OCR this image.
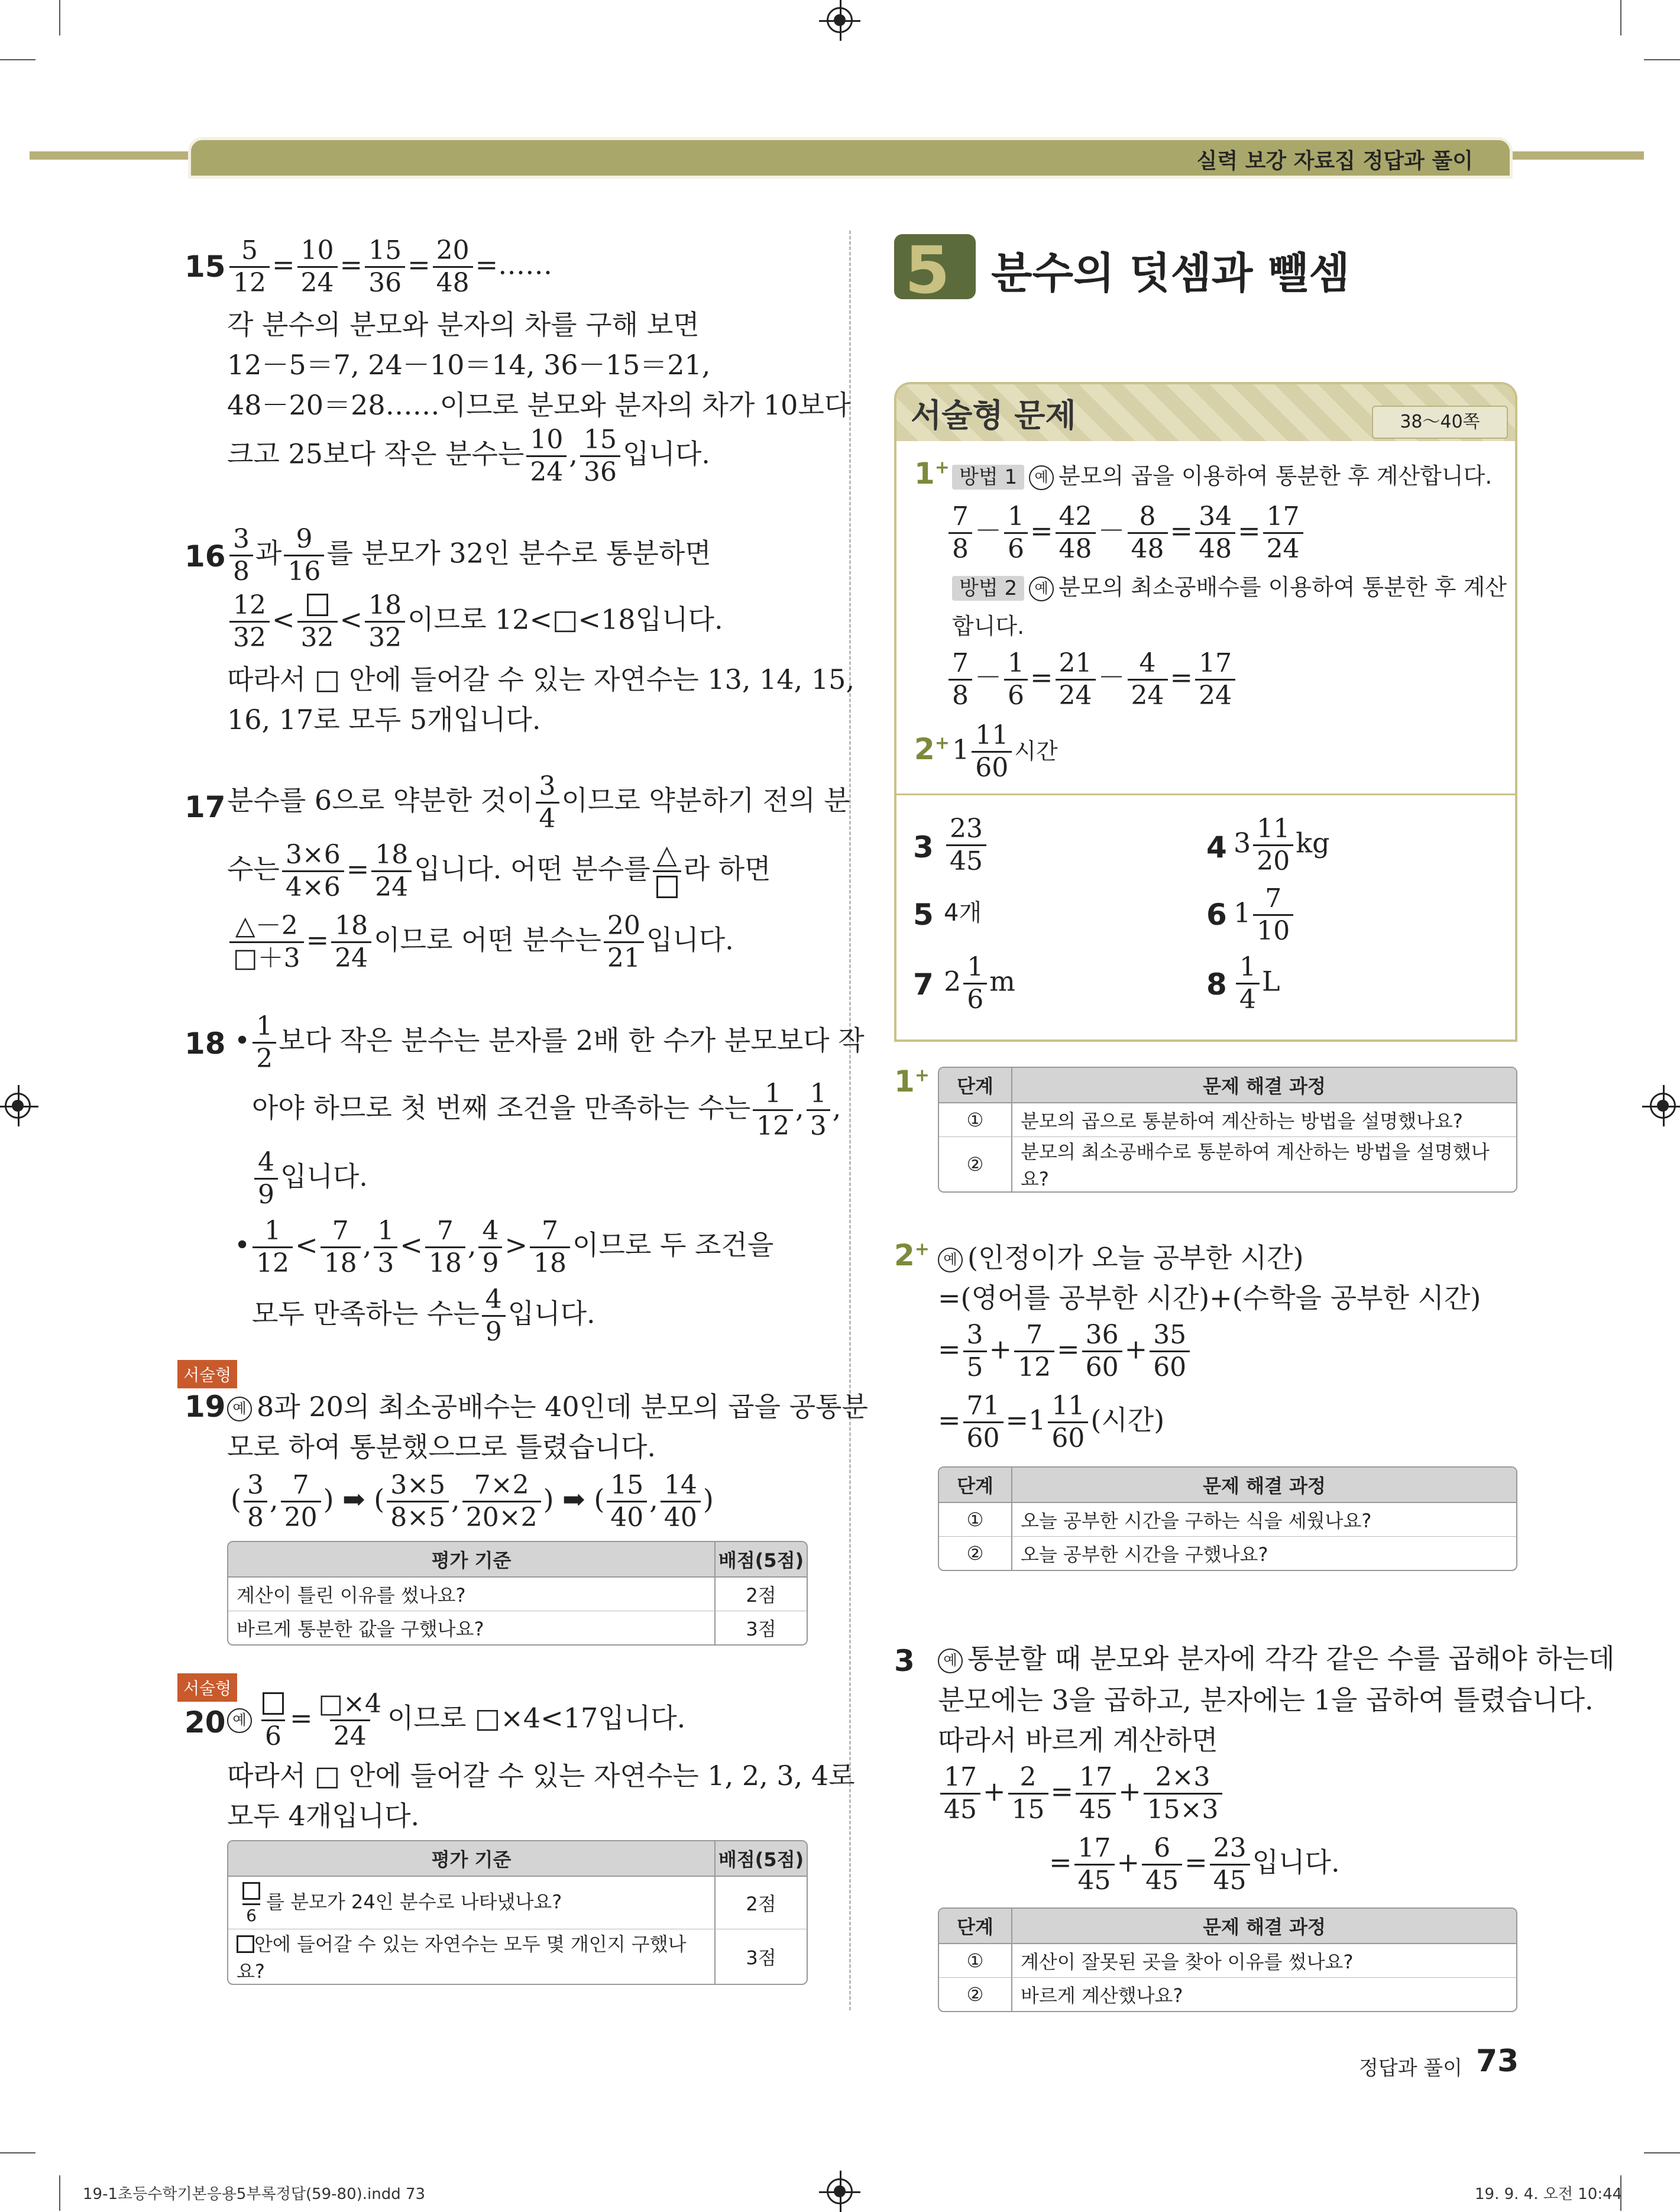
실력 보강 자료집 정답과 풀이
$15 \frac{5}{12} = \frac{10}{24} = \frac{15}{36} = \frac{20}{48}$ =……
각 분수의 분모와 분자의 차를 구해 보면
12－5＝7, 24－10＝14, 36－15＝21,
48－20＝28……이므로 분모와 분자의 차가 10보다
크고 25보다 작은 분수는 $\frac{10}{24}$ , $\frac{15}{36}$ 입니다.
$16 \frac{3}{8}$ 과 $\frac{9}{16}$ 를 분모가 32인 분수로 통분하면
$\frac{12}{32}$ <
32
< $\frac{18}{32}$ 이므로 12<□<18입니다.
따라서 □ 안에 들어갈 수 있는 자연수는 13, 14, 15,
16, 17로 모두 5개입니다.
17 분수를 6으로 약분한 것이 $\frac{3}{4}$ 이므로 약분하기 전의 분
수는 $\frac{3\times 6}{4\times 6} = \frac{18}{24}$ 입니다. 어떤 분수를 △ 라 하면
$\frac{\triangle-2}{□+3} = \frac{18}{24}$ 이므로 어떤 분수는 $\frac{20}{21}$ 입니다.
18 • $\frac{1}{2}$ 보다 작은 분수는 분자를 2배 한 수가 분모보다 작
아야 하므로 첫 번째 조건을 만족하는 수는 $\frac{1}{12}$ , $\frac{1}{3}$ ,
$\frac{4}{9}$ 입니다.
• $\frac{1}{12} < \frac{7}{18}$ , $\frac{1}{3} < \frac{7}{18}$ , $\frac{4}{9} > \frac{7}{18}$ 이므로 두 조건을
모두 만족하는 수는 $\frac{4}{9}$ 입니다.
서술형
19 예 8과 20의 최소공배수는 40인데 분모의 곱을 공통분
모로 하여 통분했으므로 틀렸습니다.
( $\frac{3}{8}$ , $\frac{7}{20}$ ) ➡ ( $\frac{3\times 5}{8\times 5}$ , $\frac{7\times 2}{20\times 2}$ ) ➡ ( $\frac{15}{40}$ , $\frac{14}{40}$ )
평가 기준	배점(5점)
계산이 틀린 이유를 썼나요?	2점
바르게 통분한 값을 구했나요?	3점
서술형
20 예
6
= $\frac{□\times 4}{24}$ 이므로 □×4<17입니다.
따라서 □ 안에 들어갈 수 있는 자연수는 1, 2, 3, 4로
모두 4개입니다.
평가 기준	배점(5점)

6
를 분모가 24인 분수로 나타냈나요?	2점
안에 들어갈 수 있는 자연수는 모두 몇 개인지 구했나요?	3점
5 분수의 덧셈과 뺄셈
서술형 문제	38～40쪽
1+ 방법 1 예 분모의 곱을 이용하여 통분한 후 계산합니다.
$\frac{7}{8} - \frac{1}{6} = \frac{42}{48} - \frac{8}{48} = \frac{34}{48} = \frac{17}{24}$
방법 2 예 분모의 최소공배수를 이용하여 통분한 후 계산
합니다.
$\frac{7}{8} - \frac{1}{6} = \frac{21}{24} - \frac{4}{24} = \frac{17}{24}$
2+ $1 \frac{11}{60}$ 시간
$3 \frac{23}{45}$	4 $3 \frac{11}{20}$ kg
5 4개	6 $1 \frac{7}{10}$
7 $2 \frac{1}{6}$ m	$8 \frac{1}{4}$ L
1+ 단계	문제 해결 과정
①	분모의 곱으로 통분하여 계산하는 방법을 설명했나요?
②	분모의 최소공배수로 통분하여 계산하는 방법을 설명했나요?
2+ 예 (인정이가 오늘 공부한 시간)
=(영어를 공부한 시간)+(수학을 공부한 시간)
= $\frac{3}{5} + \frac{7}{12} = \frac{36}{60} + \frac{35}{60}$
= $\frac{71}{60} =1 \frac{11}{60}$ (시간)
단계	문제 해결 과정
①	오늘 공부한 시간을 구하는 식을 세웠나요?
②	오늘 공부한 시간을 구했나요?
3	예 통분할 때 분모와 분자에 각각 같은 수를 곱해야 하는데
분모에는 3을 곱하고, 분자에는 1을 곱하여 틀렸습니다.
따라서 바르게 계산하면
$\frac{17}{45} + \frac{2}{15} = \frac{17}{45} + \frac{2\times 3}{15\times 3}$
= $\frac{17}{45} + \frac{6}{45} = \frac{23}{45}$ 입니다.
단계	문제 해결 과정
①	계산이 잘못된 곳을 찾아 이유를 썼나요?
②	바르게 계산했나요?
정답과 풀이 73
19-1초등수학기본응용5부록정답(59-80).indd 73	19. 9. 4. 오전 10:44
